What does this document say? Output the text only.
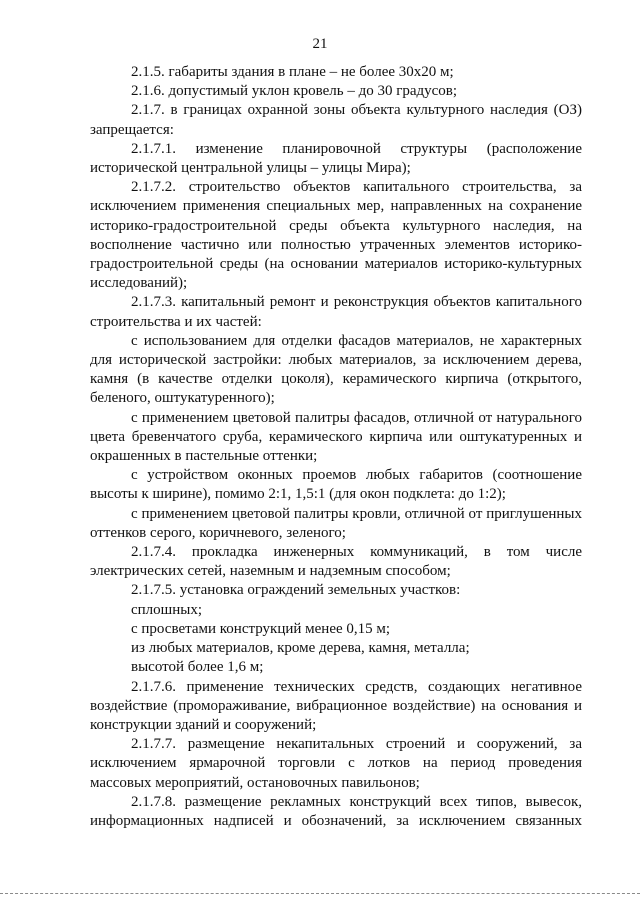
21

2.1.5. габариты здания в плане – не более 30х20 м;

2.1.6. допустимый уклон кровель – до 30 градусов;

2.1.7. в границах охранной зоны объекта культурного наследия (ОЗ) запрещается:

2.1.7.1. изменение планировочной структуры (расположение исторической центральной улицы – улицы Мира);

2.1.7.2. строительство объектов капитального строительства, за исключением применения специальных мер, направленных на сохранение историко-градостроительной среды объекта культурного наследия, на восполнение частично или полностью утраченных элементов историко-градостроительной среды (на основании материалов историко-культурных исследований);

2.1.7.3. капитальный ремонт и реконструкция объектов капитального строительства и их частей:

с использованием для отделки фасадов материалов, не характерных для исторической застройки: любых материалов, за исключением дерева, камня (в качестве отделки цоколя), керамического кирпича (открытого, беленого, оштукатуренного);

с применением цветовой палитры фасадов, отличной от натурального цвета бревенчатого сруба, керамического кирпича или оштукатуренных и окрашенных в пастельные оттенки;

с устройством оконных проемов любых габаритов (соотношение высоты к ширине), помимо 2:1, 1,5:1 (для окон подклета: до 1:2);

с применением цветовой палитры кровли, отличной от приглушенных оттенков серого, коричневого, зеленого;

2.1.7.4. прокладка инженерных коммуникаций, в том числе электрических сетей, наземным и надземным способом;

2.1.7.5. установка ограждений земельных участков:

сплошных;

с просветами конструкций менее 0,15 м;

из любых материалов, кроме дерева, камня, металла;

высотой более 1,6 м;

2.1.7.6. применение технических средств, создающих негативное воздействие (промораживание, вибрационное воздействие) на основания и конструкции зданий и сооружений;

2.1.7.7. размещение некапитальных строений и сооружений, за исключением ярмарочной торговли с лотков на период проведения массовых мероприятий, остановочных павильонов;

2.1.7.8. размещение рекламных конструкций всех типов, вывесок, информационных надписей и обозначений, за исключением связанных
